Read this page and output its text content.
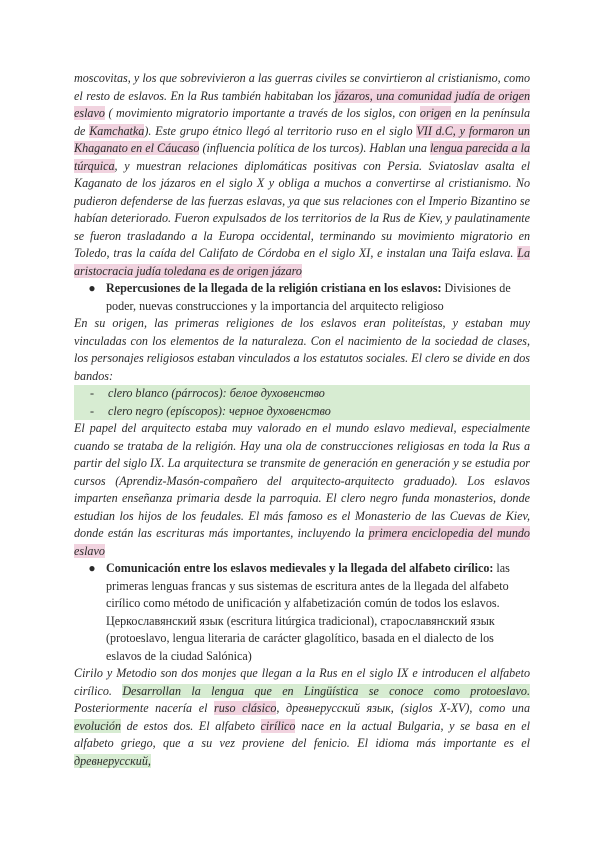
moscovitas, y los que sobrevivieron a las guerras civiles se convirtieron al cristianismo, como el resto de eslavos. En la Rus también habitaban los jázaros, una comunidad judía de origen eslavo ( movimiento migratorio importante a través de los siglos, con origen en la península de Kamchatka). Este grupo étnico llegó al territorio ruso en el siglo VII d.C, y formaron un Khaganato en el Cáucaso (influencia política de los turcos). Hablan una lengua parecida a la túrquica, y muestran relaciones diplomáticas positivas con Persia. Sviatoslav asalta el Kaganato de los jázaros en el siglo X y obliga a muchos a convertirse al cristianismo. No pudieron defenderse de las fuerzas eslavas, ya que sus relaciones con el Imperio Bizantino se habían deteriorado. Fueron expulsados de los territorios de la Rus de Kiev, y paulatinamente se fueron trasladando a la Europa occidental, terminando su movimiento migratorio en Toledo, tras la caída del Califato de Córdoba en el siglo XI, e instalan una Taifa eslava. La aristocracia judía toledana es de origen jázaro

● Repercusiones de la llegada de la religión cristiana en los eslavos: Divisiones de poder, nuevas construcciones y la importancia del arquitecto religioso

En su origen, las primeras religiones de los eslavos eran politeístas, y estaban muy vinculadas con los elementos de la naturaleza. Con el nacimiento de la sociedad de clases, los personajes religiosos estaban vinculados a los estatutos sociales. El clero se divide en dos bandos:

-	clero blanco (párrocos): белое духовенство
-	clero negro (epíscopos): черное духовенство

El papel del arquitecto estaba muy valorado en el mundo eslavo medieval, especialmente cuando se trataba de la religión. Hay una ola de construcciones religiosas en toda la Rus a partir del siglo IX. La arquitectura se transmite de generación en generación y se estudia por cursos (Aprendiz-Masón-compañero del arquitecto-arquitecto graduado). Los eslavos imparten enseñanza primaria desde la parroquia. El clero negro funda monasterios, donde estudian los hijos de los feudales. El más famoso es el Monasterio de las Cuevas de Kiev, donde están las escrituras más importantes, incluyendo la primera enciclopedia del mundo eslavo

● Comunicación entre los eslavos medievales y la llegada del alfabeto cirílico: las primeras lenguas francas y sus sistemas de escritura antes de la llegada del alfabeto cirílico como método de unificación y alfabetización común de todos los eslavos. Церкославянский язык (escritura litúrgica tradicional), старославянский язык (protoeslavo, lengua literaria de carácter glagolítico, basada en el dialecto de los eslavos de la ciudad Salónica)

Cirilo y Metodio son dos monjes que llegan a la Rus en el siglo IX e introducen el alfabeto cirílico. Desarrollan la lengua que en Lingüística se conoce como protoeslavo. Posteriormente nacería el ruso clásico, древнерусский язык, (siglos X-XV), como una evolución de estos dos. El alfabeto cirílico nace en la actual Bulgaria, y se basa en el alfabeto griego, que a su vez proviene del fenicio. El idioma más importante es el древнерусский,
